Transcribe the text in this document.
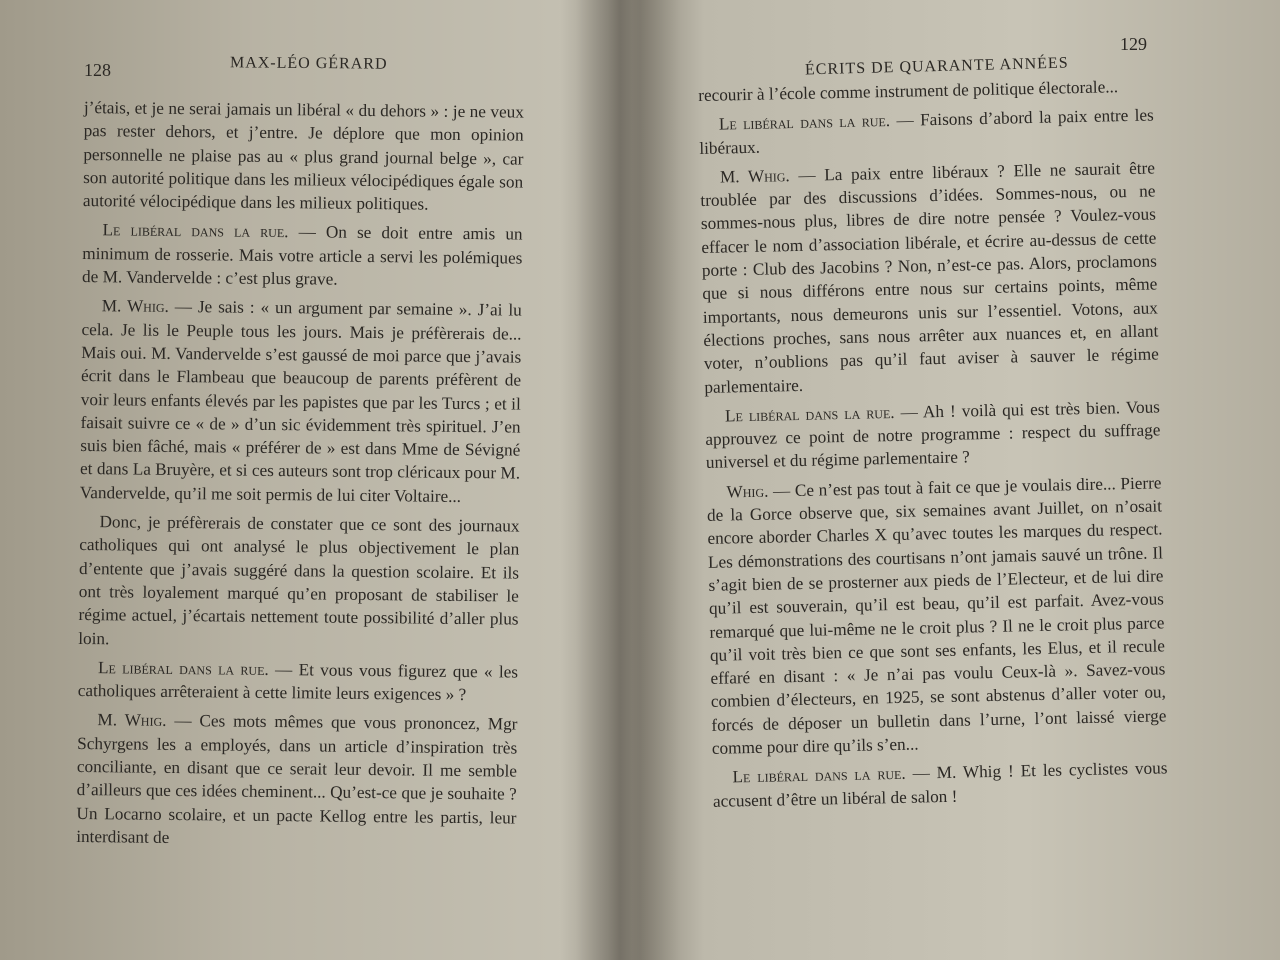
128	MAX-LÉO GÉRARD

j’étais, et je ne serai jamais un libéral « du dehors » : je ne veux pas rester dehors, et j’entre. Je déplore que mon opinion personnelle ne plaise pas au « plus grand journal belge », car son autorité politique dans les milieux vélocipédiques égale son autorité vélocipédique dans les milieux politiques.

Le libéral dans la rue. — On se doit entre amis un minimum de rosserie. Mais votre article a servi les polémiques de M. Vandervelde : c’est plus grave.

M. Whig. — Je sais : « un argument par semaine ». J’ai lu cela. Je lis le Peuple tous les jours. Mais je préfèrerais de... Mais oui. M. Vandervelde s’est gaussé de moi parce que j’avais écrit dans le Flambeau que beaucoup de parents préfèrent de voir leurs enfants élevés par les papistes que par les Turcs ; et il faisait suivre ce « de » d’un sic évidemment très spirituel. J’en suis bien fâché, mais « préférer de » est dans Mme de Sévigné et dans La Bruyère, et si ces auteurs sont trop cléricaux pour M. Vandervelde, qu’il me soit permis de lui citer Voltaire...

Donc, je préfèrerais de constater que ce sont des journaux catholiques qui ont analysé le plus objectivement le plan d’entente que j’avais suggéré dans la question scolaire. Et ils ont très loyalement marqué qu’en proposant de stabiliser le régime actuel, j’écartais nettement toute possibilité d’aller plus loin.

Le libéral dans la rue. — Et vous vous figurez que « les catholiques arrêteraient à cette limite leurs exigences » ?

M. Whig. — Ces mots mêmes que vous prononcez, Mgr Schyrgens les a employés, dans un article d’inspiration très conciliante, en disant que ce serait leur devoir. Il me semble d’ailleurs que ces idées cheminent... Qu’est-ce que je souhaite ? Un Locarno scolaire, et un pacte Kellog entre les partis, leur interdisant de

129
ÉCRITS DE QUARANTE ANNÉES

recourir à l’école comme instrument de politique électorale...

Le libéral dans la rue. — Faisons d’abord la paix entre les libéraux.

M. Whig. — La paix entre libéraux ? Elle ne saurait être troublée par des discussions d’idées. Sommes-nous, ou ne sommes-nous plus, libres de dire notre pensée ? Voulez-vous effacer le nom d’association libérale, et écrire au-dessus de cette porte : Club des Jacobins ? Non, n’est-ce pas. Alors, proclamons que si nous différons entre nous sur certains points, même importants, nous demeurons unis sur l’essentiel. Votons, aux élections proches, sans nous arrêter aux nuances et, en allant voter, n’oublions pas qu’il faut aviser à sauver le régime parlementaire.

Le libéral dans la rue. — Ah ! voilà qui est très bien. Vous approuvez ce point de notre programme : respect du suffrage universel et du régime parlementaire ?

Whig. — Ce n’est pas tout à fait ce que je voulais dire... Pierre de la Gorce observe que, six semaines avant Juillet, on n’osait encore aborder Charles X qu’avec toutes les marques du respect. Les démonstrations des courtisans n’ont jamais sauvé un trône. Il s’agit bien de se prosterner aux pieds de l’Electeur, et de lui dire qu’il est souverain, qu’il est beau, qu’il est parfait. Avez-vous remarqué que lui-même ne le croit plus ? Il ne le croit plus parce qu’il voit très bien ce que sont ses enfants, les Elus, et il recule effaré en disant : « Je n’ai pas voulu Ceux-là ». Savez-vous combien d’électeurs, en 1925, se sont abstenus d’aller voter ou, forcés de déposer un bulletin dans l’urne, l’ont laissé vierge comme pour dire qu’ils s’en...

Le libéral dans la rue. — M. Whig ! Et les cyclistes vous accusent d’être un libéral de salon !
